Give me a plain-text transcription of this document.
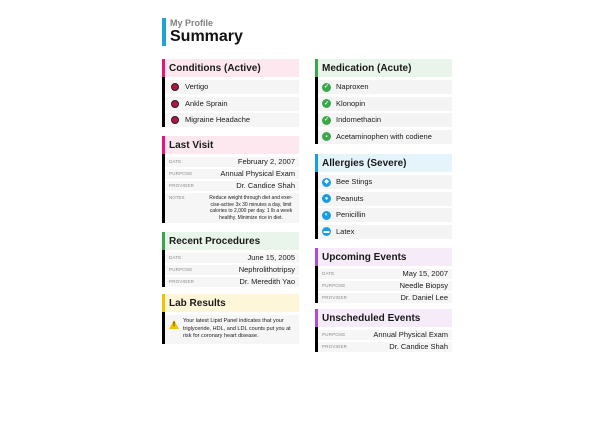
My Profile
Summary
Conditions (Active)
Vertigo
Ankle Sprain
Migraine Headache
Last Visit
DATE	February 2, 2007
PURPOSE	Annual Physical Exam
PROVIDER	Dr. Candice Shah
NOTES	Reduce weight through diet and exer-cise-active 3x 30 minutes a day, limit calories to 2,000 per day. 1 lb a week healthy. Minimize rice in diet.
Recent Procedures
DATE	June 15, 2005
PURPOSE	Nephrolithotripsy
PROVIDER	Dr. Meredith Yao
Lab Results
!
Your latest Lipid Panel indicates that your triglyceride, HDL, and LDL counts put you at risk for coronary heart disease.
Medication (Acute)
✓ Naproxen
✓ Klonopin
✓ Indomethacin
▪	Acetaminophen with codiene
Allergies (Severe)
◆ Bee Stings
●	Peanuts
◐	Penicillin
▬ Latex
Upcoming Events
DATE	May 15, 2007
PURPOSE	Needle Biopsy
PROVIDER	Dr. Daniel Lee
Unscheduled Events
PURPOSE	Annual Physical Exam
PROVIDER	Dr. Candice Shah
